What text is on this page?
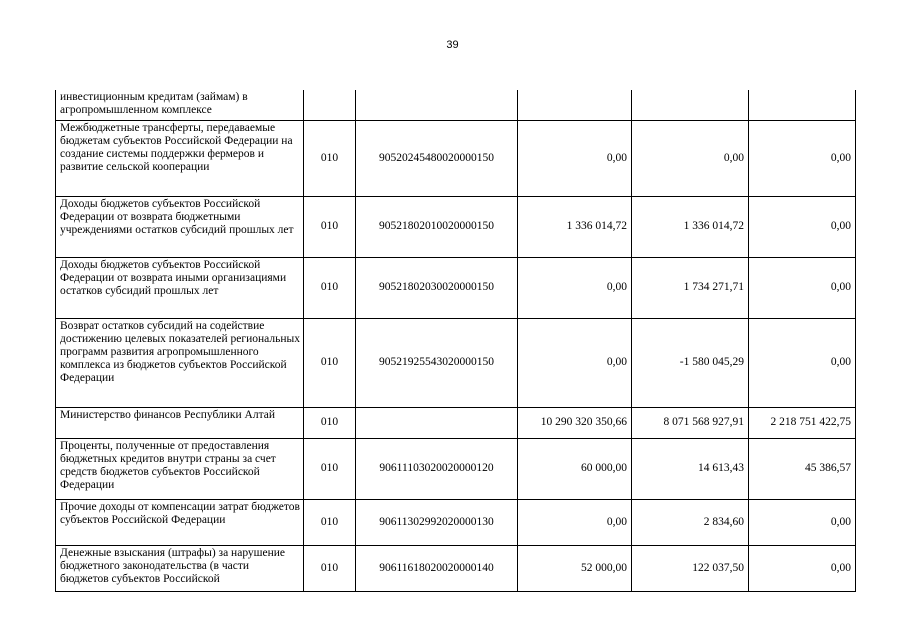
39
инвестиционным кредитам (займам) в агропромышленном комплексе					
Межбюджетные трансферты, передаваемые бюджетам субъектов Российской Федерации на создание системы поддержки фермеров и развитие сельской кооперации	010	90520245480020000150	0,00	0,00	0,00
Доходы бюджетов субъектов Российской Федерации от возврата бюджетными учреждениями остатков субсидий прошлых лет	010	90521802010020000150	1 336 014,72	1 336 014,72	0,00
Доходы бюджетов субъектов Российской Федерации от возврата иными организациями остатков субсидий прошлых лет	010	90521802030020000150	0,00	1 734 271,71	0,00
Возврат остатков субсидий на содействие достижению целевых показателей региональных программ развития агропромышленного комплекса из бюджетов субъектов Российской Федерации	010	90521925543020000150	0,00	-1 580 045,29	0,00
Министерство финансов Республики Алтай	010		10 290 320 350,66	8 071 568 927,91	2 218 751 422,75
Проценты, полученные от предоставления бюджетных кредитов внутри страны за счет средств бюджетов субъектов Российской Федерации	010	90611103020020000120	60 000,00	14 613,43	45 386,57
Прочие доходы от компенсации затрат бюджетов субъектов Российской Федерации	010	90611302992020000130	0,00	2 834,60	0,00
Денежные взыскания (штрафы) за нарушение бюджетного законодательства (в части бюджетов субъектов Российской	010	90611618020020000140	52 000,00	122 037,50	0,00
